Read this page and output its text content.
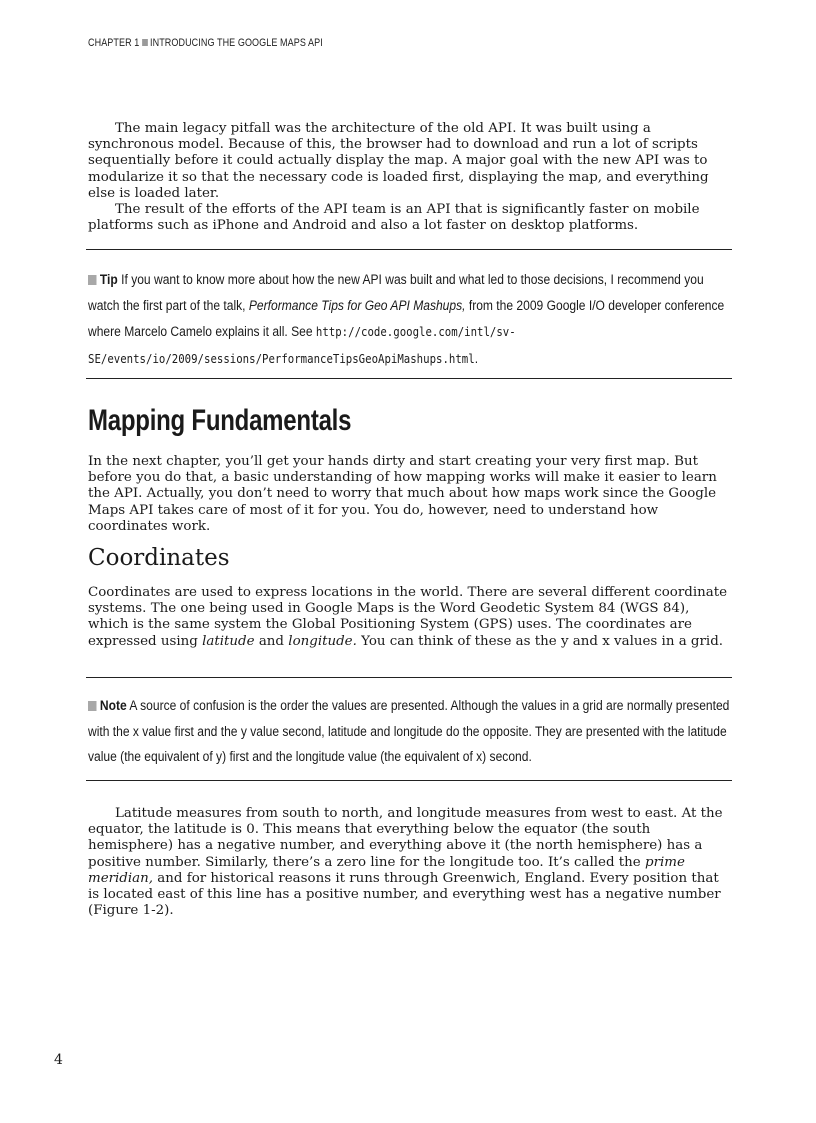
CHAPTER 1 INTRODUCING THE GOOGLE MAPS API

The main legacy pitfall was the architecture of the old API. It was built using a synchronous model. Because of this, the browser had to download and run a lot of scripts sequentially before it could actually display the map. A major goal with the new API was to modularize it so that the necessary code is loaded first, displaying the map, and everything else is loaded later.

The result of the efforts of the API team is an API that is significantly faster on mobile platforms such as iPhone and Android and also a lot faster on desktop platforms.

Tip If you want to know more about how the new API was built and what led to those decisions, I recommend you watch the first part of the talk, Performance Tips for Geo API Mashups, from the 2009 Google I/O developer conference where Marcelo Camelo explains it all. See http://code.google.com/intl/sv-SE/events/io/2009/sessions/PerformanceTipsGeoApiMashups.html.
Mapping Fundamentals

In the next chapter, you’ll get your hands dirty and start creating your very first map. But before you do that, a basic understanding of how mapping works will make it easier to learn the API. Actually, you don’t need to worry that much about how maps work since the Google Maps API takes care of most of it for you. You do, however, need to understand how coordinates work.

Coordinates

Coordinates are used to express locations in the world. There are several different coordinate systems. The one being used in Google Maps is the Word Geodetic System 84 (WGS 84), which is the same system the Global Positioning System (GPS) uses. The coordinates are expressed using latitude and longitude. You can think of these as the y and x values in a grid.

Note A source of confusion is the order the values are presented. Although the values in a grid are normally presented with the x value first and the y value second, latitude and longitude do the opposite. They are presented with the latitude value (the equivalent of y) first and the longitude value (the equivalent of x) second.

Latitude measures from south to north, and longitude measures from west to east. At the equator, the latitude is 0. This means that everything below the equator (the south hemisphere) has a negative number, and everything above it (the north hemisphere) has a positive number. Similarly, there’s a zero line for the longitude too. It’s called the prime meridian, and for historical reasons it runs through Greenwich, England. Every position that is located east of this line has a positive number, and everything west has a negative number (Figure 1-2).

4
